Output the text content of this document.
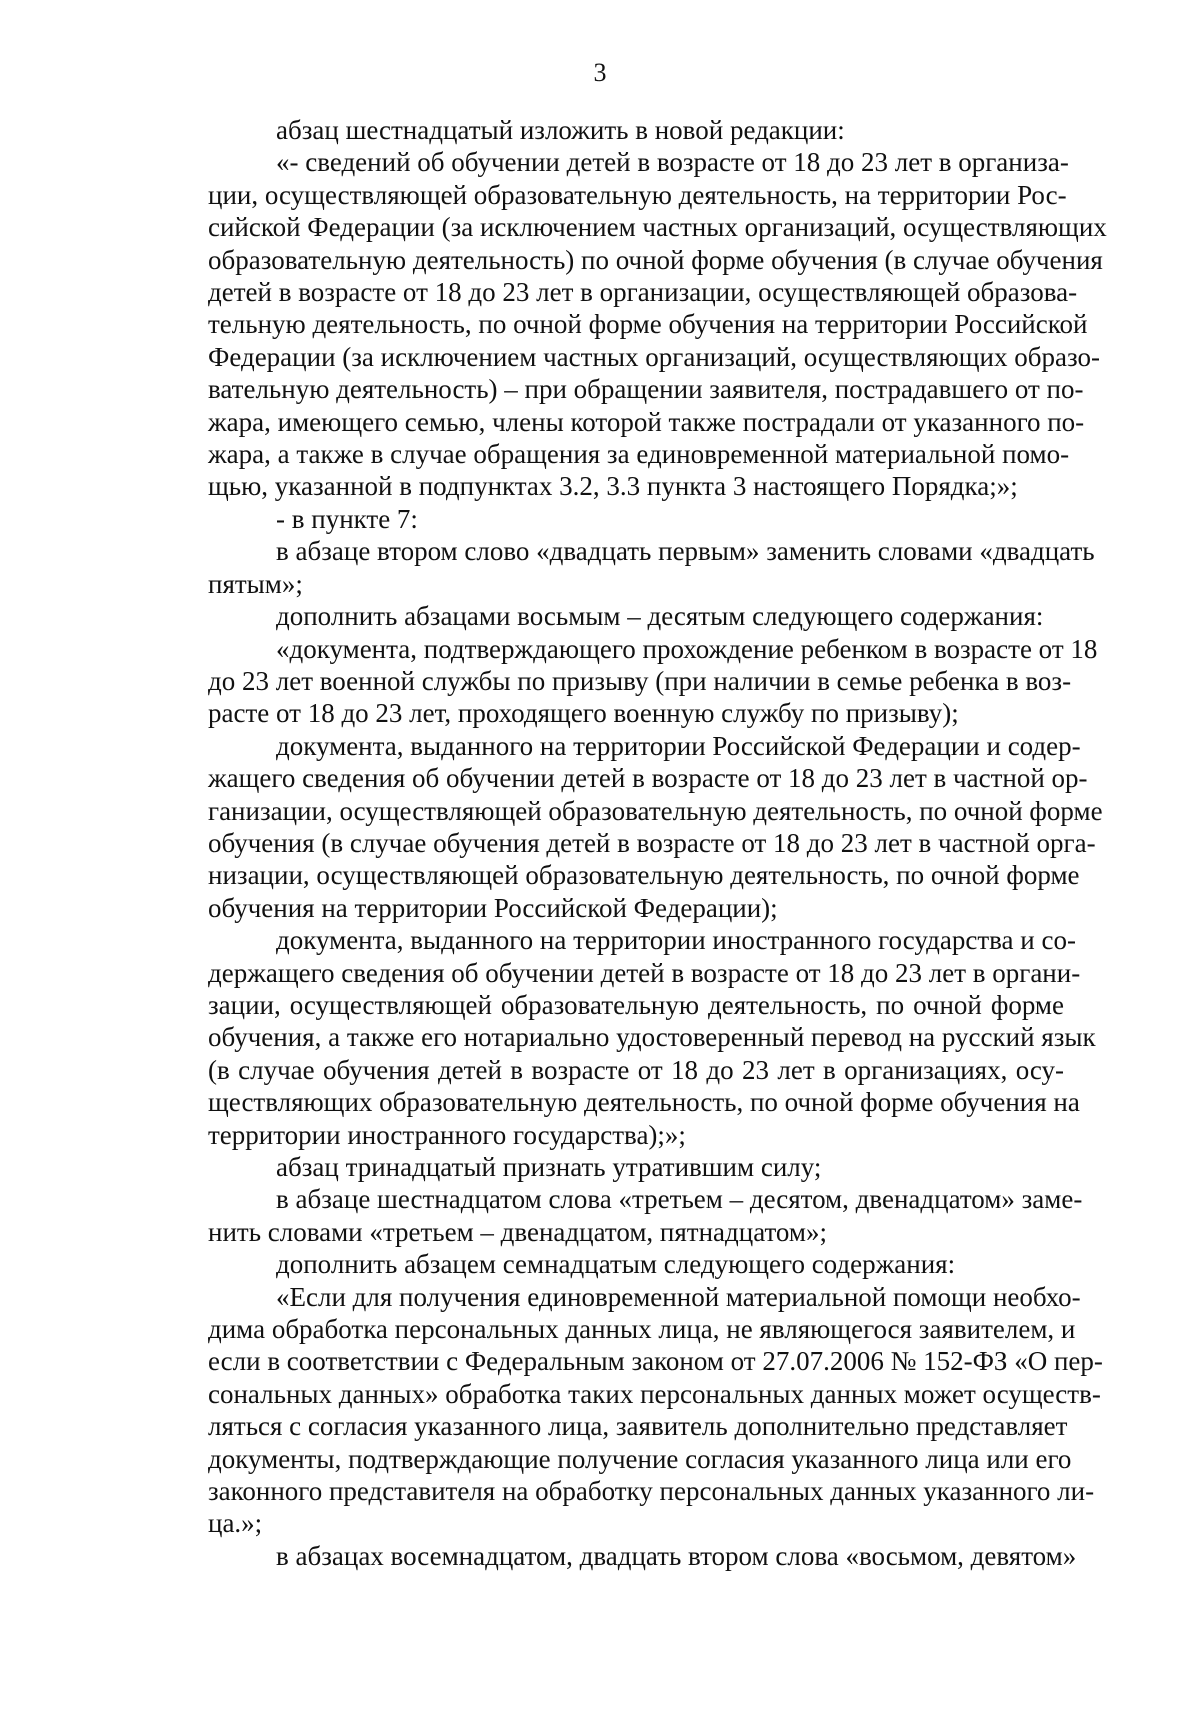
3
абзац шестнадцатый изложить в новой редакции:
«- сведений об обучении детей в возрасте от 18 до 23 лет в организа-
ции, осуществляющей образовательную деятельность, на территории Рос-
сийской Федерации (за исключением частных организаций, осуществляющих
образовательную деятельность) по очной форме обучения (в случае обучения
детей в возрасте от 18 до 23 лет в организации, осуществляющей образова-
тельную деятельность, по очной форме обучения на территории Российской
Федерации (за исключением частных организаций, осуществляющих образо-
вательную деятельность) – при обращении заявителя, пострадавшего от по-
жара, имеющего семью, члены которой также пострадали от указанного по-
жара, а также в случае обращения за единовременной материальной помо-
щью, указанной в подпунктах 3.2, 3.3 пункта 3 настоящего Порядка;»;
- в пункте 7:
в абзаце втором слово «двадцать первым» заменить словами «двадцать
пятым»;
дополнить абзацами восьмым – десятым следующего содержания:
«документа, подтверждающего прохождение ребенком в возрасте от 18
до 23 лет военной службы по призыву (при наличии в семье ребенка в воз-
расте от 18 до 23 лет, проходящего военную службу по призыву);
документа, выданного на территории Российской Федерации и содер-
жащего сведения об обучении детей в возрасте от 18 до 23 лет в частной ор-
ганизации, осуществляющей образовательную деятельность, по очной форме
обучения (в случае обучения детей в возрасте от 18 до 23 лет в частной орга-
низации, осуществляющей образовательную деятельность, по очной форме
обучения на территории Российской Федерации);
документа, выданного на территории иностранного государства и со-
держащего сведения об обучении детей в возрасте от 18 до 23 лет в органи-
зации, осуществляющей образовательную деятельность, по очной форме
обучения, а также его нотариально удостоверенный перевод на русский язык
(в случае обучения детей в возрасте от 18 до 23 лет в организациях, осу-
ществляющих образовательную деятельность, по очной форме обучения на
территории иностранного государства);»;
абзац тринадцатый признать утратившим силу;
в абзаце шестнадцатом слова «третьем – десятом, двенадцатом» заме-
нить словами «третьем – двенадцатом, пятнадцатом»;
дополнить абзацем семнадцатым следующего содержания:
«Если для получения единовременной материальной помощи необхо-
дима обработка персональных данных лица, не являющегося заявителем, и
если в соответствии с Федеральным законом от 27.07.2006 № 152-ФЗ «О пер-
сональных данных» обработка таких персональных данных может осуществ-
ляться с согласия указанного лица, заявитель дополнительно представляет
документы, подтверждающие получение согласия указанного лица или его
законного представителя на обработку персональных данных указанного ли-
ца.»;
в абзацах восемнадцатом, двадцать втором слова «восьмом, девятом»
